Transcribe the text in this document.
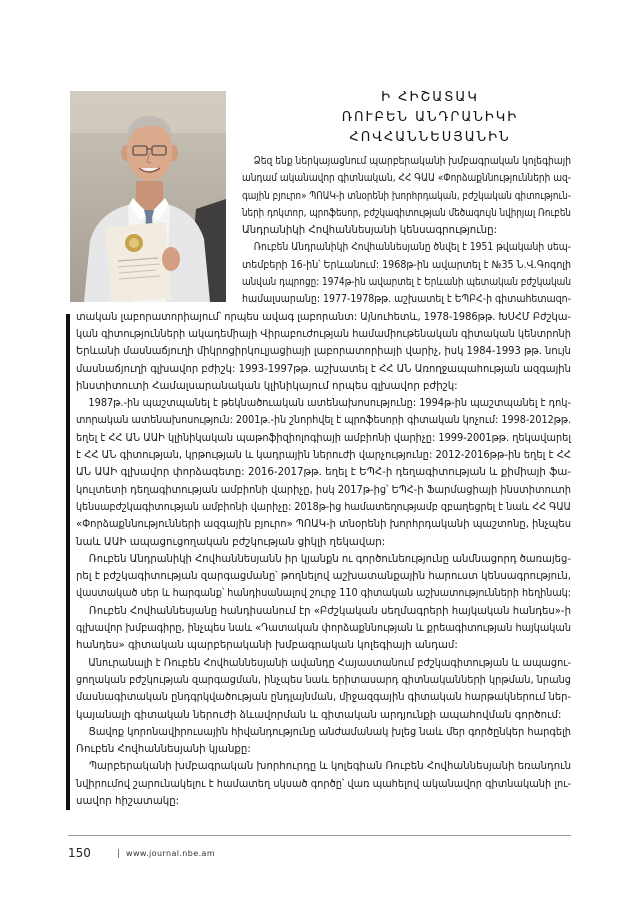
Ի ՀԻՇԱՏԱԿ
ՌՈՒԲԵՆ ԱՆԴՐԱՆԻԿԻ
ՀՈՎՀԱՆՆԵՍՅԱՆԻՆ
Ձեզ ենք ներկայացնում պարբերականի խմբագրական կոլեգիայի
անդամ ականավոր գիտնական, ՀՀ ԳԱԱ «Փորձաքննությունների ազ-
գային բյուրո» ՊՈԱԿ-ի տնօրենի խորհրդական, բժշկական գիտություն-
ների դոկտոր, պրոֆեսոր, բժշկագիտության մեծագույն նվիրյալ Ռուբեն
Անդրանիկի Հովհաննեսյանի կենսագրությունը:
Ռուբեն Անդրանիկի Հովհաննեսյանը ծնվել է 1951 թվականի սեպ-
տեմբերի 16-ին՝ Երևանում: 1968թ-ին ավարտել է №35 Ն.Վ.Գոգոլի
անվան դպրոցը: 1974թ-ին ավարտել է Երևանի պետական բժշկական
համալսարանը: 1977-1978թթ. աշխատել է ԵՊԲՀ-ի գիտահետազո-
տական լաբորատորիայում՝ որպես ավագ լաբորանտ: Այնուհետև, 1978-1986թթ. ԽՍՀՄ Բժշկա-
կան գիտությունների ակադեմիայի Վիրաբուժության համամիութենական գիտական կենտրոնի
Երևանի մասնաճյուղի միկրոցիրկուլյացիայի լաբորատորիայի վարիչ, իսկ 1984-1993 թթ. նույն
մասնաճյուղի գլխավոր բժիշկ: 1993-1997թթ. աշխատել է ՀՀ ԱՆ Առողջապահության ազգային
ինստիտուտի Համալսարանական կլինիկայում որպես գլխավոր բժիշկ:
1987թ.-ին պաշտպանել է թեկնածուական ատենախոսությունը: 1994թ-ին պաշտպանել է դոկ-
տորական ատենախոսություն: 2001թ.-ին շնորհվել է պրոֆեսորի գիտական կոչում: 1998-2012թթ.
եղել է ՀՀ ԱՆ ԱԱԻ կլինիկական պաթոֆիզիոլոգիայի ամբիոնի վարիչը: 1999-2001թթ. ղեկավարել
է ՀՀ ԱՆ գիտության, կրթության և կադրային ներուժի վարչությունը: 2012-2016թթ-ին եղել է ՀՀ
ԱՆ ԱԱԻ գլխավոր փորձագետը: 2016-2017թթ. եղել է ԵՊՀ-ի դեղագիտության և քիմիայի ֆա-
կուլտետի դեղագիտության ամբիոնի վարիչը, իսկ 2017թ-ից՝ ԵՊՀ-ի Ֆարմացիայի ինստիտուտի
կենսաբժշկագիտության ամբիոնի վարիչը: 2018թ-ից համատեղությամբ զբաղեցրել է նաև ՀՀ ԳԱԱ
«Փորձաքննությունների ազգային բյուրո» ՊՈԱԿ-ի տնօրենի խորհրդականի պաշտոնը, ինչպես
նաև ԱԱԻ ապացուցողական բժշկության ցիկլի ղեկավար:
Ռուբեն Անդրանիկի Հովհաննեսյանն իր կյանքն ու գործունեությունը անմնացորդ ծառայեց-
րել է բժշկագիտության զարգացմանը՝ թողնելով աշխատանքային հարուստ կենսագրություն,
վաստակած սեր և հարգանք՝ հանդիսանալով շուրջ 110 գիտական աշխատությունների հեղինակ:
Ռուբեն Հովհաննեսյանը հանդիսանում էր «Բժշկական սեղմագրերի հայկական հանդես»-ի
գլխավոր խմբագիրը, ինչպես նաև «Դատական փորձաքննության և քրեագիտության հայկական
հանդես» գիտական պարբերականի խմբագրական կոլեգիայի անդամ:
Անուրանալի է Ռուբեն Հովհաննեսյանի ավանդը Հայաստանում բժշկագիտության և ապացու-
ցողական բժշկության զարգացման, ինչպես նաև երիտասարդ գիտնականների կրթման, նրանց
մասնագիտական ընդգրկվածության ընդլայնման, միջազգային գիտական հարթակներում ներ-
կայանալի գիտական ներուժի ձևավորման և գիտական արդյունքի ապահովման գործում:
Ցավոք կորոնավիրուսային հիվանդությունը անժամանակ խլեց նաև մեր գործընկեր հարգելի
Ռուբեն Հովհաննեսյանի կյանքը:
Պարբերականի խմբագրական խորհուրդը և կոլեգիան Ռուբեն Հովհաննեսյանի եռանդուն
նվիրումով շարունակելու է համատեղ սկսած գործը՝ վառ պահելով ականավոր գիտնականի լու-
սավոր հիշատակը:
150	| www.journal.nbe.am
